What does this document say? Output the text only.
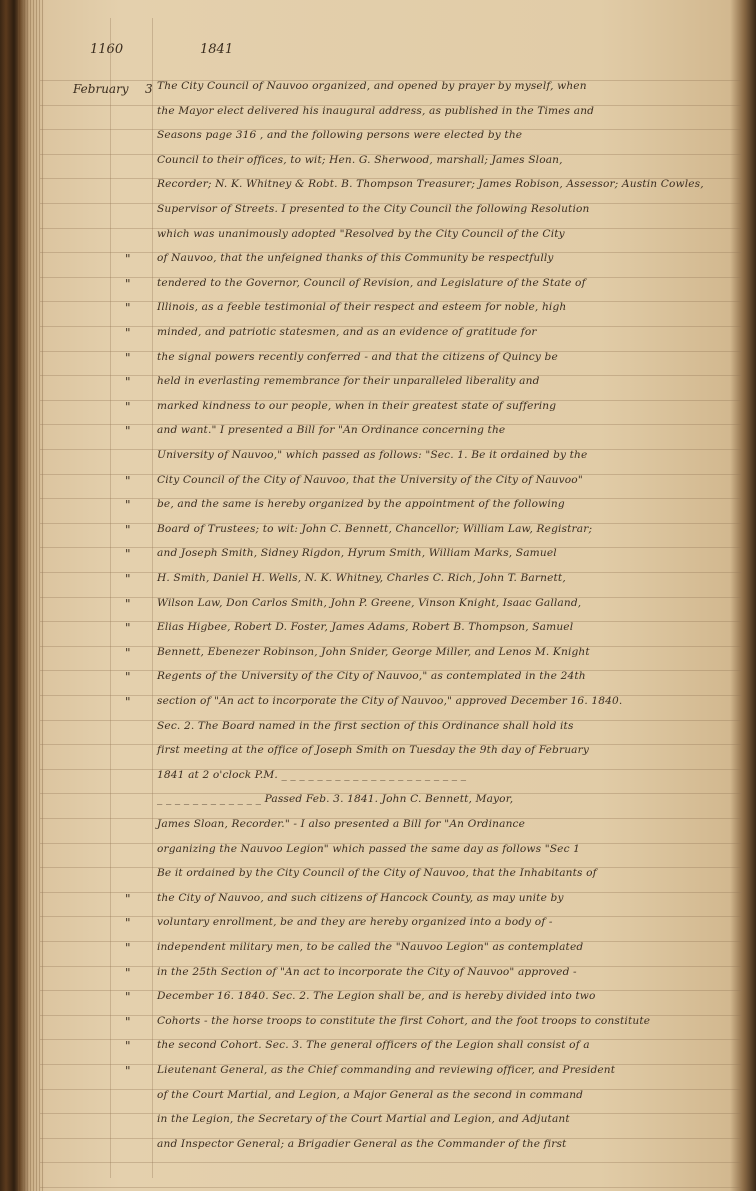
1160	1841
February 3 The City Council of Nauvoo organized, and opened by prayer by myself, when
the Mayor elect delivered his inaugural address, as published in the Times and
Seasons page 316 , and the following persons were elected by the
Council to their offices, to wit; Hen. G. Sherwood, marshall; James Sloan,
Recorder; N. K. Whitney & Robt. B. Thompson Treasurer; James Robison, Assessor; Austin Cowles,
Supervisor of Streets. I presented to the City Council the following Resolution
which was unanimously adopted "Resolved by the City Council of the City
of Nauvoo, that the unfeigned thanks of this Community be respectfully
tendered to the Governor, Council of Revision, and Legislature of the State of
Illinois, as a feeble testimonial of their respect and esteem for noble, high
minded, and patriotic statesmen, and as an evidence of gratitude for
the signal powers recently conferred - and that the citizens of Quincy be
held in everlasting remembrance for their unparalleled liberality and
marked kindness to our people, when in their greatest state of suffering
and want." I presented a Bill for "An Ordinance concerning the
University of Nauvoo," which passed as follows: "Sec. 1. Be it ordained by the
City Council of the City of Nauvoo, that the University of the City of Nauvoo"
be, and the same is hereby organized by the appointment of the following
Board of Trustees; to wit: John C. Bennett, Chancellor; William Law, Registrar;
and Joseph Smith, Sidney Rigdon, Hyrum Smith, William Marks, Samuel
H. Smith, Daniel H. Wells, N. K. Whitney, Charles C. Rich, John T. Barnett,
Wilson Law, Don Carlos Smith, John P. Greene, Vinson Knight, Isaac Galland,
Elias Higbee, Robert D. Foster, James Adams, Robert B. Thompson, Samuel
Bennett, Ebenezer Robinson, John Snider, George Miller, and Lenos M. Knight
Regents of the University of the City of Nauvoo," as contemplated in the 24th
section of "An act to incorporate the City of Nauvoo," approved December 16. 1840.
Sec. 2. The Board named in the first section of this Ordinance shall hold its
first meeting at the office of Joseph Smith on Tuesday the 9th day of February
1841 at 2 o'clock P.M. _ _ _ _ _ _ _ _ _ _ _ _ _ _ _ _ _ _ _ _ _
_ _ _ _ _ _ _ _ _ _ _ _ Passed Feb. 3. 1841. John C. Bennett, Mayor,
James Sloan, Recorder." - I also presented a Bill for "An Ordinance
organizing the Nauvoo Legion" which passed the same day as follows "Sec 1
Be it ordained by the City Council of the City of Nauvoo, that the Inhabitants of
the City of Nauvoo, and such citizens of Hancock County, as may unite by
voluntary enrollment, be and they are hereby organized into a body of -
independent military men, to be called the "Nauvoo Legion" as contemplated
in the 25th Section of "An act to incorporate the City of Nauvoo" approved -
December 16. 1840. Sec. 2. The Legion shall be, and is hereby divided into two
Cohorts - the horse troops to constitute the first Cohort, and the foot troops to constitute
the second Cohort. Sec. 3. The general officers of the Legion shall consist of a
Lieutenant General, as the Chief commanding and reviewing officer, and President
of the Court Martial, and Legion, a Major General as the second in command
in the Legion, the Secretary of the Court Martial and Legion, and Adjutant
and Inspector General; a Brigadier General as the Commander of the first
"
"
"
"
"
"
"
"
"
"
"
"
"
"
"
"
"
"
"
"
"
"
"
"
"
"
